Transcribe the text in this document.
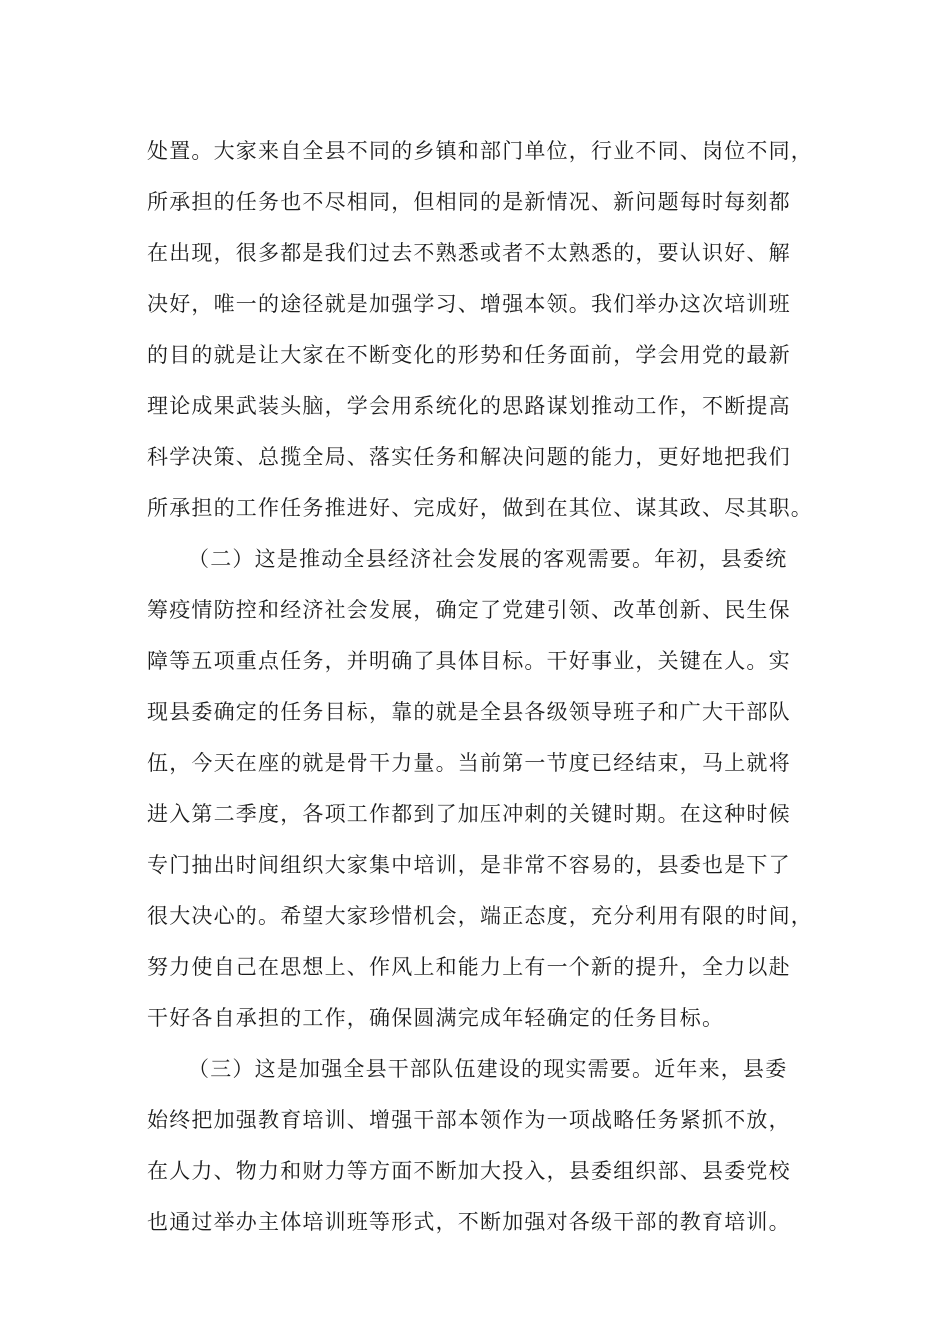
处置。大家来自全县不同的乡镇和部门单位，行业不同、岗位不同，
所承担的任务也不尽相同，但相同的是新情况、新问题每时每刻都
在出现，很多都是我们过去不熟悉或者不太熟悉的，要认识好、解
决好，唯一的途径就是加强学习、增强本领。我们举办这次培训班
的目的就是让大家在不断变化的形势和任务面前，学会用党的最新
理论成果武装头脑，学会用系统化的思路谋划推动工作，不断提高
科学决策、总揽全局、落实任务和解决问题的能力，更好地把我们
所承担的工作任务推进好、完成好，做到在其位、谋其政、尽其职。
（二）这是推动全县经济社会发展的客观需要。年初，县委统
筹疫情防控和经济社会发展，确定了党建引领、改革创新、民生保
障等五项重点任务，并明确了具体目标。干好事业，关键在人。实
现县委确定的任务目标，靠的就是全县各级领导班子和广大干部队
伍，今天在座的就是骨干力量。当前第一节度已经结束，马上就将
进入第二季度，各项工作都到了加压冲刺的关键时期。在这种时候
专门抽出时间组织大家集中培训，是非常不容易的，县委也是下了
很大决心的。希望大家珍惜机会，端正态度，充分利用有限的时间，
努力使自己在思想上、作风上和能力上有一个新的提升，全力以赴
干好各自承担的工作，确保圆满完成年轻确定的任务目标。
（三）这是加强全县干部队伍建设的现实需要。近年来，县委
始终把加强教育培训、增强干部本领作为一项战略任务紧抓不放，
在人力、物力和财力等方面不断加大投入，县委组织部、县委党校
也通过举办主体培训班等形式，不断加强对各级干部的教育培训。
